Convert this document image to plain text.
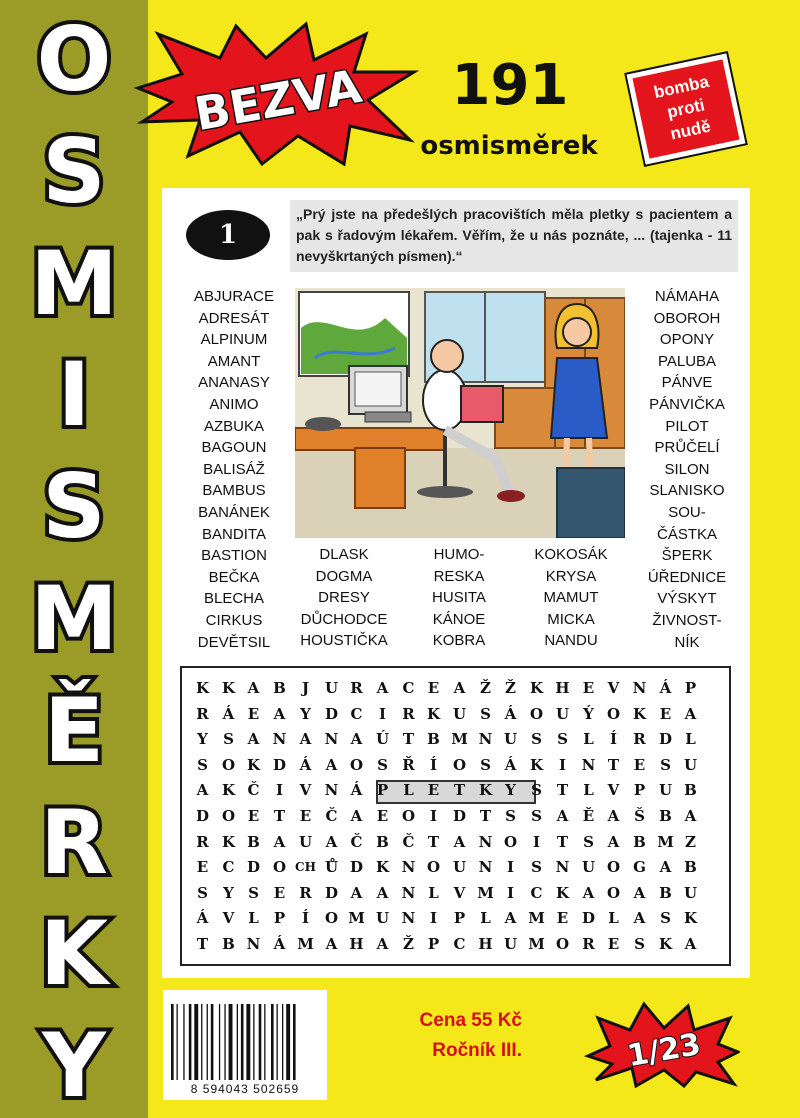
BEZVA 191
osmisměrek
bomba
proti
nudě
1
„Prý jste na předešlých pracovištích měla pletky s pacientem a pak s řadovým lékařem. Věřím, že u nás poznáte, ... (tajenka - 11 nevyškrtaných písmen).“
ABJURACE
ADRESÁT
ALPINUM
AMANT
ANANASY
ANIMO
AZBUKA
BAGOUN
BALISÁŽ
BAMBUS
BANÁNEK
BANDITA
BASTION
BEČKA
BLECHA
CIRKUS
DEVĚTSIL
NÁMAHA
OBOROH
OPONY
PALUBA
PÁNVE
PÁNVIČKA
PILOT
PRŮČELÍ
SILON
SLANISKO
SOU-
ČÁSTKA
ŠPERK
ÚŘEDNICE
VÝSKYT
ŽIVNOST-
NÍK
DLASK
DOGMA
DRESY
DŮCHODCE
HOUSTIČKA
HUMO-
RESKA
HUSITA
KÁNOE
KOBRA
KOKOSÁK
KRYSA
MAMUT
MICKA
NANDU
K K A B	J	U R A C E A Ž Ž K H E V N Á P
R Á E A Y D C	I	R K U S Á O U Ý O K E A
Y	S A N A N A Ú T B M N U S	S	L	Í	R D L
S O K D Á A O S Ř	Í	O S Á K	I	N T E S U
A K Č	I	V N Á P	L E T K Y	S T	L V P U B
D O E T E Č A E O I	D T S	S A Ě A Š B A
R K B A U A Č B Č T A N O	I	T	S A B M Z
E C D O CH Ů D K N O U N I	S N U O G A B
S	Y S E R D A A N L V M I	C K A O A B U
Á V L	P	Í	O M U N I	P	L A M E D L A S K
T B N Á M A H A Ž P C H U M O R E S K A
8 594043 502659
Cena 55 Kč
Ročník III.	1/23
O
S
M
I
S
M
Ě
R
K
Y
